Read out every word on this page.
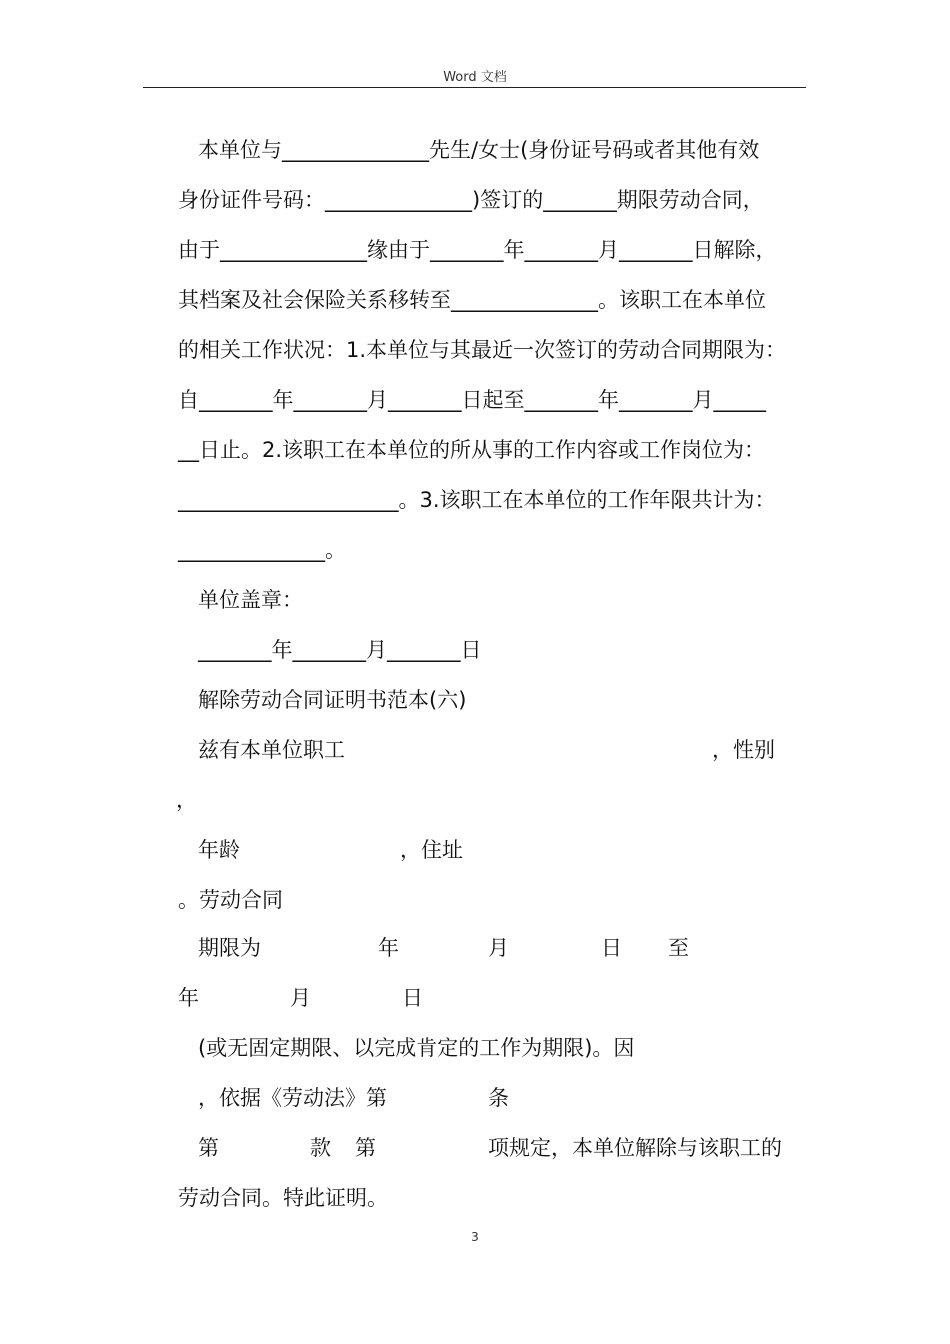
Word 文档
本单位与______________先生/女士(身份证号码或者其他有效
身份证件号码：______________)签订的_______期限劳动合同，
由于______________缘由于_______年_______月_______日解除，
其档案及社会保险关系移转至______________。该职工在本单位
的相关工作状况：1.本单位与其最近一次签订的劳动合同期限为：
自_______年_______月_______日起至_______年_______月_____
__日止。2.该职工在本单位的所从事的工作内容或工作岗位为：
_____________________。3.该职工在本单位的工作年限共计为：
______________。
单位盖章：
_______年_______月_______日
解除劳动合同证明书范本(六)
兹有本单位职工	，性别
，
年龄	，住址
。劳动合同
期限为	年	月	日 至
年	月	日
(或无固定期限、以完成肯定的工作为期限)。因
，依据《劳动法》第	条
第	款 第	项规定，本单位解除与该职工的
劳动合同。特此证明。
3
